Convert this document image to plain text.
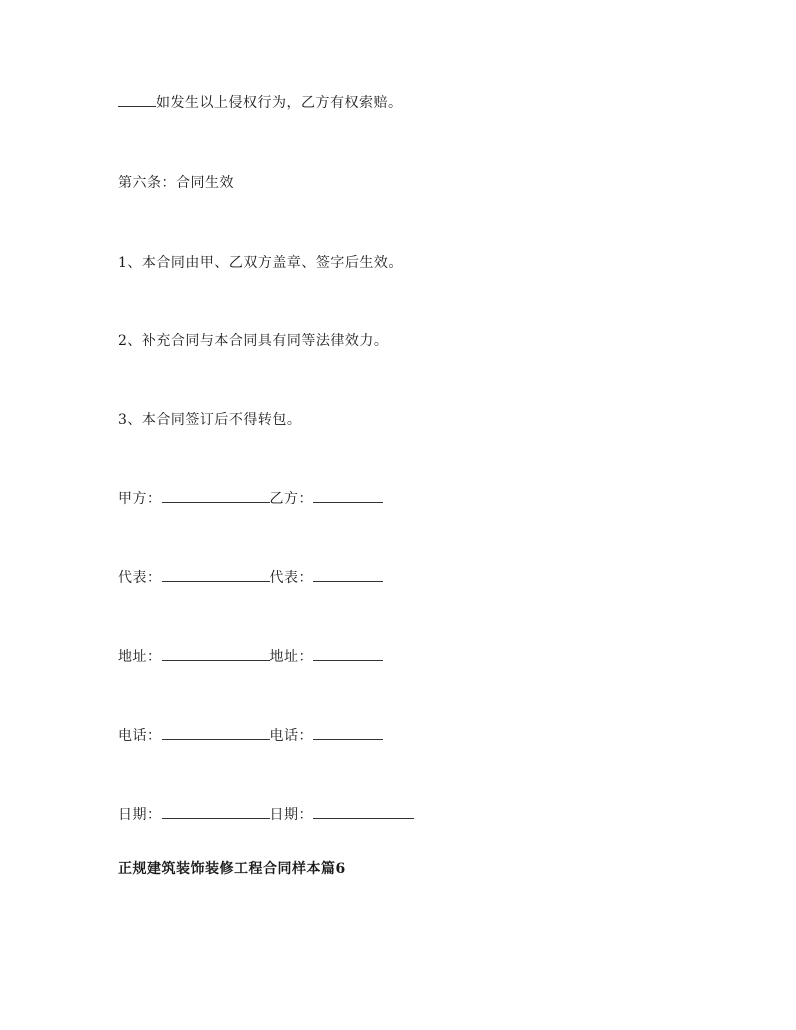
如发生以上侵权行为，乙方有权索赔。
第六条：合同生效
1、本合同由甲、乙双方盖章、签字后生效。
2、补充合同与本合同具有同等法律效力。
3、本合同签订后不得转包。
甲方：	乙方：
代表：	代表：
地址：	地址：
电话：	电话：
日期：	日期：
正规建筑装饰装修工程合同样本篇6
